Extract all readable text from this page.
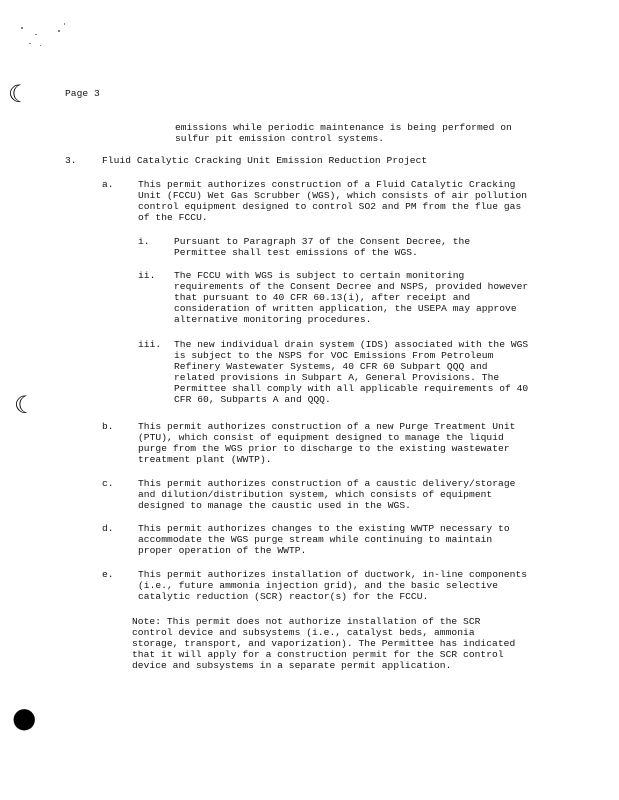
☾
☾
●
Page 3
emissions while periodic maintenance is being performed on sulfur pit emission control systems.
3.	Fluid Catalytic Cracking Unit Emission Reduction Project
a.	This permit authorizes construction of a Fluid Catalytic Cracking Unit (FCCU) Wet Gas Scrubber (WGS), which consists of air pollution control equipment designed to control SO2 and PM from the flue gas of the FCCU.
i.	Pursuant to Paragraph 37 of the Consent Decree, the Permittee shall test emissions of the WGS.
ii. The FCCU with WGS is subject to certain monitoring requirements of the Consent Decree and NSPS, provided however that pursuant to 40 CFR 60.13(i), after receipt and consideration of written application, the USEPA may approve alternative monitoring procedures.
iii. The new individual drain system (IDS) associated with the WGS is subject to the NSPS for VOC Emissions From Petroleum Refinery Wastewater Systems, 40 CFR 60 Subpart QQQ and related provisions in Subpart A, General Provisions. The Permittee shall comply with all applicable requirements of 40 CFR 60, Subparts A and QQQ.
b.	This permit authorizes construction of a new Purge Treatment Unit (PTU), which consist of equipment designed to manage the liquid purge from the WGS prior to discharge to the existing wastewater treatment plant (WWTP).
c.	This permit authorizes construction of a caustic delivery/storage and dilution/distribution system, which consists of equipment designed to manage the caustic used in the WGS.
d.	This permit authorizes changes to the existing WWTP necessary to accommodate the WGS purge stream while continuing to maintain proper operation of the WWTP.
e.	This permit authorizes installation of ductwork, in-line components (i.e., future ammonia injection grid), and the basic selective catalytic reduction (SCR) reactor(s) for the FCCU.
Note: This permit does not authorize installation of the SCR control device and subsystems (i.e., catalyst beds, ammonia storage, transport, and vaporization). The Permittee has indicated that it will apply for a construction permit for the SCR control device and subsystems in a separate permit application.
